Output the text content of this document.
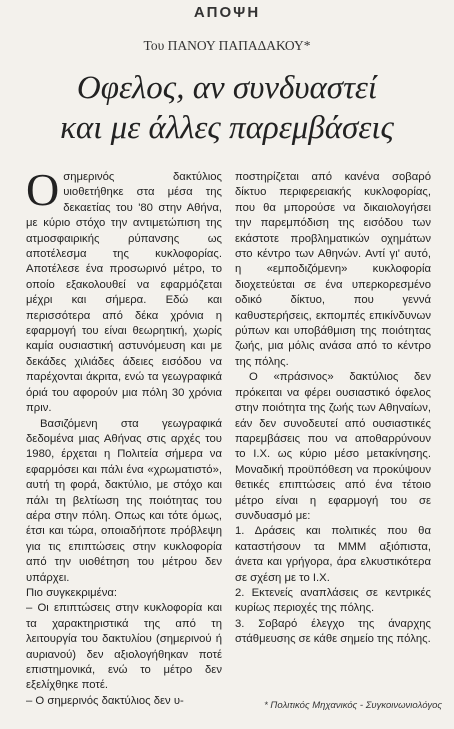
ΑΠΟΨΗ
Του ΠΑΝΟΥ ΠΑΠΑΔΑΚΟΥ*
Οφελος, αν συνδυαστεί
και με άλλες παρεμβάσεις

Οσημερινός δακτύλιος υιοθετήθηκε στα μέσα της δεκαετίας του '80 στην Αθήνα, με κύριο στόχο την αντιμετώπιση της ατμοσφαιρικής ρύπανσης ως αποτέλεσμα της κυκλοφορίας. Αποτέλεσε ένα προσωρινό μέτρο, το οποίο εξακολουθεί να εφαρμόζεται μέχρι και σήμερα. Εδώ και περισσότερα από δέκα χρόνια η εφαρμογή του είναι θεωρητική, χωρίς καμία ουσιαστική αστυνόμευση και με δεκάδες χιλιάδες άδειες εισόδου να παρέχονται άκριτα, ενώ τα γεωγραφικά όριά του αφορούν μια πόλη 30 χρόνια πριν.

Βασιζόμενη στα γεωγραφικά δεδομένα μιας Αθήνας στις αρχές του 1980, έρχεται η Πολιτεία σήμερα να εφαρμόσει και πάλι ένα «χρωματιστό», αυτή τη φορά, δακτύλιο, με στόχο και πάλι τη βελτίωση της ποιότητας του αέρα στην πόλη. Οπως και τότε όμως, έτσι και τώρα, οποιαδήποτε πρόβλεψη για τις επιπτώσεις στην κυκλοφορία από την υιοθέτηση του μέτρου δεν υπάρχει.

Πιο συγκεκριμένα:

– Οι επιπτώσεις στην κυκλοφορία και τα χαρακτηριστικά της από τη λειτουργία του δακτυλίου (σημερινού ή αυριανού) δεν αξιολογήθηκαν ποτέ επιστημονικά, ενώ το μέτρο δεν εξελίχθηκε ποτέ.

– Ο σημερινός δακτύλιος δεν υ-

ποστηρίζεται από κανένα σοβαρό δίκτυο περιφερειακής κυκλοφορίας, που θα μπορούσε να δικαιολογήσει την παρεμπόδιση της εισόδου των εκάστοτε προβληματικών οχημάτων στο κέντρο των Αθηνών. Αντί γι' αυτό, η «εμποδιζόμενη» κυκλοφορία διοχετεύεται σε ένα υπερκορεσμένο οδικό δίκτυο, που γεννά καθυστερήσεις, εκπομπές επικίνδυνων ρύπων και υποβάθμιση της ποιότητας ζωής, μια μόλις ανάσα από το κέντρο της πόλης.

Ο «πράσινος» δακτύλιος δεν πρόκειται να φέρει ουσιαστικό όφελος στην ποιότητα της ζωής των Αθηναίων, εάν δεν συνοδευτεί από ουσιαστικές παρεμβάσεις που να αποθαρρύνουν το Ι.Χ. ως κύριο μέσο μετακίνησης. Μοναδική προϋπόθεση να προκύψουν θετικές επιπτώσεις από ένα τέτοιο μέτρο είναι η εφαρμογή του σε συνδυασμό με:

1. Δράσεις και πολιτικές που θα καταστήσουν τα ΜΜΜ αξιόπιστα, άνετα και γρήγορα, άρα ελκυστικότερα σε σχέση με το Ι.Χ.

2. Εκτενείς αναπλάσεις σε κεντρικές κυρίως περιοχές της πόλης.

3. Σοβαρό έλεγχο της άναρχης στάθμευσης σε κάθε σημείο της πόλης.

* Πολιτικός Μηχανικός - Συγκοινωνιολόγος
